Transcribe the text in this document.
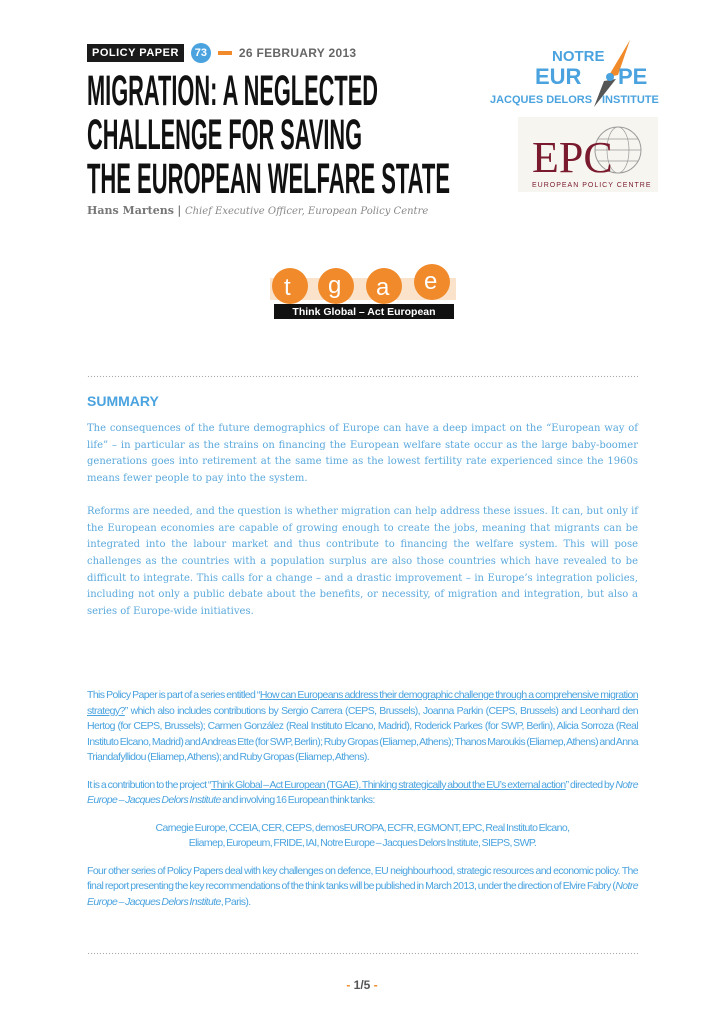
POLICY PAPER	73	26 FEBRUARY 2013
MIGRATION: A NEGLECTED
CHALLENGE FOR SAVING
THE EUROPEAN WELFARE STATE
Hans Martens | Chief Executive Officer, European Policy Centre
NOTRE
EUR PE
JACQUES DELORS INSTITUTE
EPC
EUROPEAN POLICY CENTRE
t g a e
Think Global – Act European
SUMMARY

The consequences of the future demographics of Europe can have a deep impact on the “European way of life” – in particular as the strains on financing the European welfare state occur as the large baby-boomer generations goes into retirement at the same time as the lowest fertility rate experienced since the 1960s means fewer people to pay into the system.

Reforms are needed, and the question is whether migration can help address these issues. It can, but only if the European economies are capable of growing enough to create the jobs, meaning that migrants can be integrated into the labour market and thus contribute to financing the welfare system. This will pose challenges as the countries with a population surplus are also those countries which have revealed to be difficult to integrate. This calls for a change – and a drastic improvement – in Europe’s integration policies, including not only a public debate about the benefits, or necessity, of migration and integration, but also a series of Europe-wide initiatives.

This Policy Paper is part of a series entitled “How can Europeans address their demographic challenge through a comprehensive migration strategy?” which also includes contributions by Sergio Carrera (CEPS, Brussels), Joanna Parkin (CEPS, Brussels) and Leonhard den Hertog (for CEPS, Brussels); Carmen González (Real Instituto Elcano, Madrid), Roderick Parkes (for SWP, Berlin), Alicia Sorroza (Real Instituto Elcano, Madrid) and Andreas Ette (for SWP, Berlin); Ruby Gropas (Eliamep, Athens); Thanos Maroukis (Eliamep, Athens) and Anna Triandafyllidou (Eliamep, Athens); and Ruby Gropas (Eliamep, Athens).

It is a contribution to the project “Think Global – Act European (TGAE). Thinking strategically about the EU’s external action” directed by Notre Europe – Jacques Delors Institute and involving 16 European think tanks:

Carnegie Europe, CCEIA, CER, CEPS, demosEUROPA, ECFR, EGMONT, EPC, Real Instituto Elcano,
Eliamep, Europeum, FRIDE, IAI, Notre Europe – Jacques Delors Institute, SIEPS, SWP.

Four other series of Policy Papers deal with key challenges on defence, EU neighbourhood, strategic resources and economic policy. The final report presenting the key recommendations of the think tanks will be published in March 2013, under the direction of Elvire Fabry (Notre Europe – Jacques Delors Institute, Paris).

- 1/5 -
